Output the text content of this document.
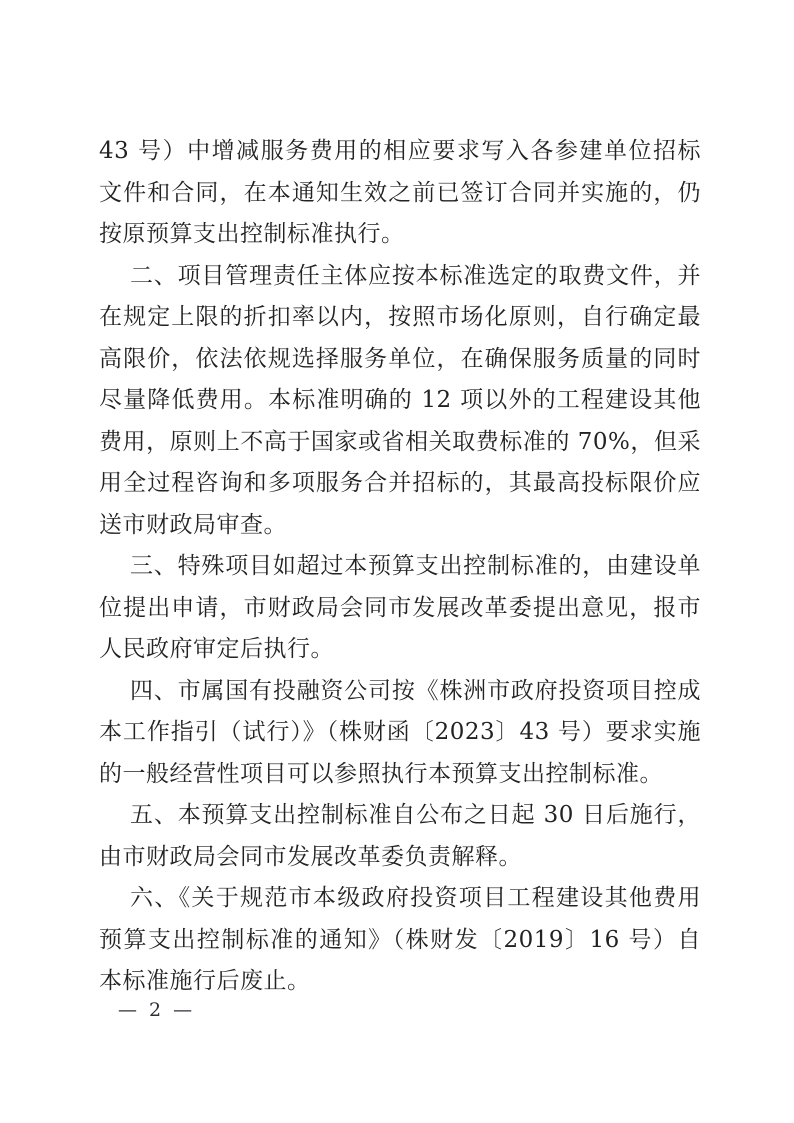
43 号）中增减服务费用的相应要求写入各参建单位招标文件和合同，在本通知生效之前已签订合同并实施的，仍按原预算支出控制标准执行。

二、项目管理责任主体应按本标准选定的取费文件，并在规定上限的折扣率以内，按照市场化原则，自行确定最高限价，依法依规选择服务单位，在确保服务质量的同时尽量降低费用。本标准明确的 12 项以外的工程建设其他费用，原则上不高于国家或省相关取费标准的 70%，但采用全过程咨询和多项服务合并招标的，其最高投标限价应送市财政局审查。

三、特殊项目如超过本预算支出控制标准的，由建设单位提出申请，市财政局会同市发展改革委提出意见，报市人民政府审定后执行。

四、市属国有投融资公司按《株洲市政府投资项目控成本工作指引（试行）》（株财函〔2023〕43 号）要求实施的一般经营性项目可以参照执行本预算支出控制标准。

五、本预算支出控制标准自公布之日起 30 日后施行，由市财政局会同市发展改革委负责解释。

六、《关于规范市本级政府投资项目工程建设其他费用预算支出控制标准的通知》（株财发〔2019〕16 号）自本标准施行后废止。

— 2 —
